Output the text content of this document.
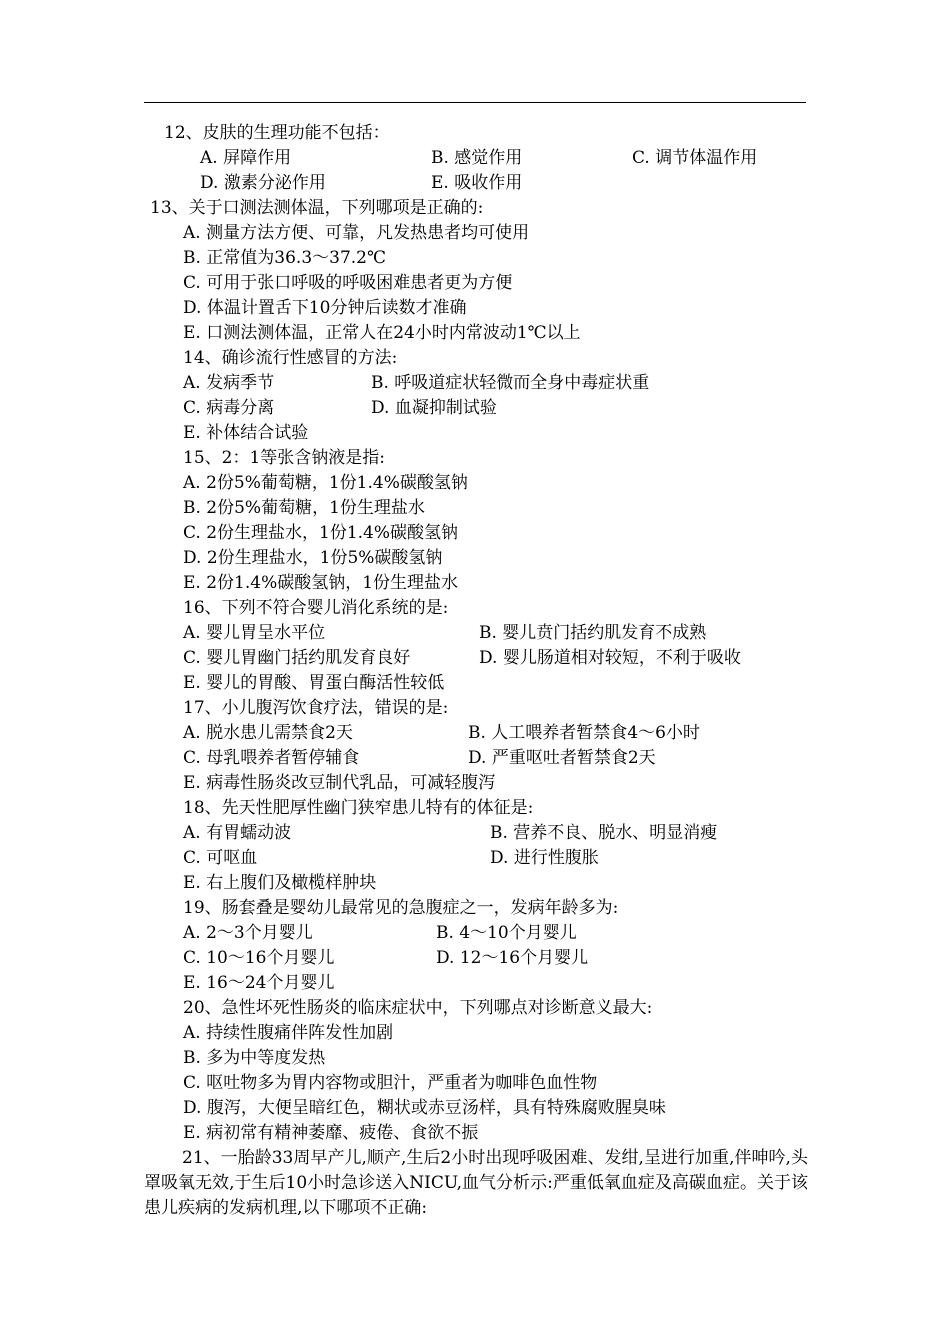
12、皮肤的生理功能不包括：
A. 屏障作用	B. 感觉作用	C. 调节体温作用
D. 激素分泌作用	E. 吸收作用
13、关于口测法测体温，下列哪项是正确的:
A. 测量方法方便、可靠，凡发热患者均可使用
B. 正常值为36.3～37.2℃
C. 可用于张口呼吸的呼吸困难患者更为方便
D. 体温计置舌下10分钟后读数才准确
E. 口测法测体温，正常人在24小时内常波动1℃以上
14、确诊流行性感冒的方法:
A. 发病季节	B. 呼吸道症状轻微而全身中毒症状重
C. 病毒分离	D. 血凝抑制试验
E. 补体结合试验
15、2：1等张含钠液是指:
A. 2份5%葡萄糖，1份1.4%碳酸氢钠
B. 2份5%葡萄糖，1份生理盐水
C. 2份生理盐水，1份1.4%碳酸氢钠
D. 2份生理盐水，1份5%碳酸氢钠
E. 2份1.4%碳酸氢钠，1份生理盐水
16、下列不符合婴儿消化系统的是:
A. 婴儿胃呈水平位	B. 婴儿贲门括约肌发育不成熟
C. 婴儿胃幽门括约肌发育良好	D. 婴儿肠道相对较短，不利于吸收
E. 婴儿的胃酸、胃蛋白酶活性较低
17、小儿腹泻饮食疗法，错误的是:
A. 脱水患儿需禁食2天	B. 人工喂养者暂禁食4～6小时
C. 母乳喂养者暂停辅食	D. 严重呕吐者暂禁食2天
E. 病毒性肠炎改豆制代乳品，可减轻腹泻
18、先天性肥厚性幽门狭窄患儿特有的体征是:
A. 有胃蠕动波	B. 营养不良、脱水、明显消瘦
C. 可呕血	D. 进行性腹胀
E. 右上腹们及橄榄样肿块
19、肠套叠是婴幼儿最常见的急腹症之一，发病年龄多为:
A. 2～3个月婴儿	B. 4～10个月婴儿
C. 10～16个月婴儿	D. 12～16个月婴儿
E. 16～24个月婴儿
20、急性坏死性肠炎的临床症状中，下列哪点对诊断意义最大:
A. 持续性腹痛伴阵发性加剧
B. 多为中等度发热
C. 呕吐物多为胃内容物或胆汁，严重者为咖啡色血性物
D. 腹泻，大便呈暗红色，糊状或赤豆汤样，具有特殊腐败腥臭味
E. 病初常有精神萎靡、疲倦、食欲不振
21、一胎龄33周早产儿,顺产,生后2小时出现呼吸困难、发绀,呈进行加重,伴呻吟,头罩吸氧无效,于生后10小时急诊送入NICU,血气分析示:严重低氧血症及高碳血症。关于该患儿疾病的发病机理,以下哪项不正确:
